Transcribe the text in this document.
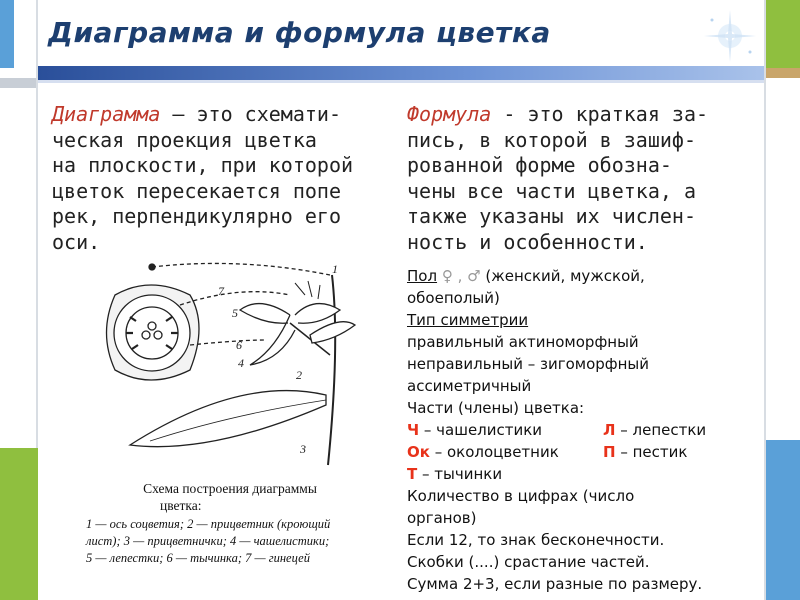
Диаграмма и формула цветка
Диаграмма – это схемати-
ческая проекция цветка
на плоскости, при которой
цветок пересекается попе
рек, перпендикулярно его
оси.
Формула - это краткая за-
пись, в которой в зашиф-
рованной форме обозна-
чены все части цветка, а
также указаны их числен-
ность и особенности.
Пол ♀ , ♂ (женский, мужской,
обоеполый)
Тип симметрии
правильный актиноморфный
неправильный – зигоморфный
ассиметричный
Части (члены) цветка:
Ч – чашелистики	Л – лепестки
Ок – околоцветник	П – пестик
Т – тычинки
Количество в цифрах (число
органов)
Если 12, то знак бесконечности.
Скобки (....) срастание частей.
Сумма 2+3, если разные по размеру.
1
7
5
6
4
2
3
Схема построения диаграммы
цветка:
1 — ось соцветия; 2 — прицветник (кроющий
лист); 3 — прицветнички; 4 — чашелистики;
5 — лепестки; 6 — тычинка; 7 — гинецей
